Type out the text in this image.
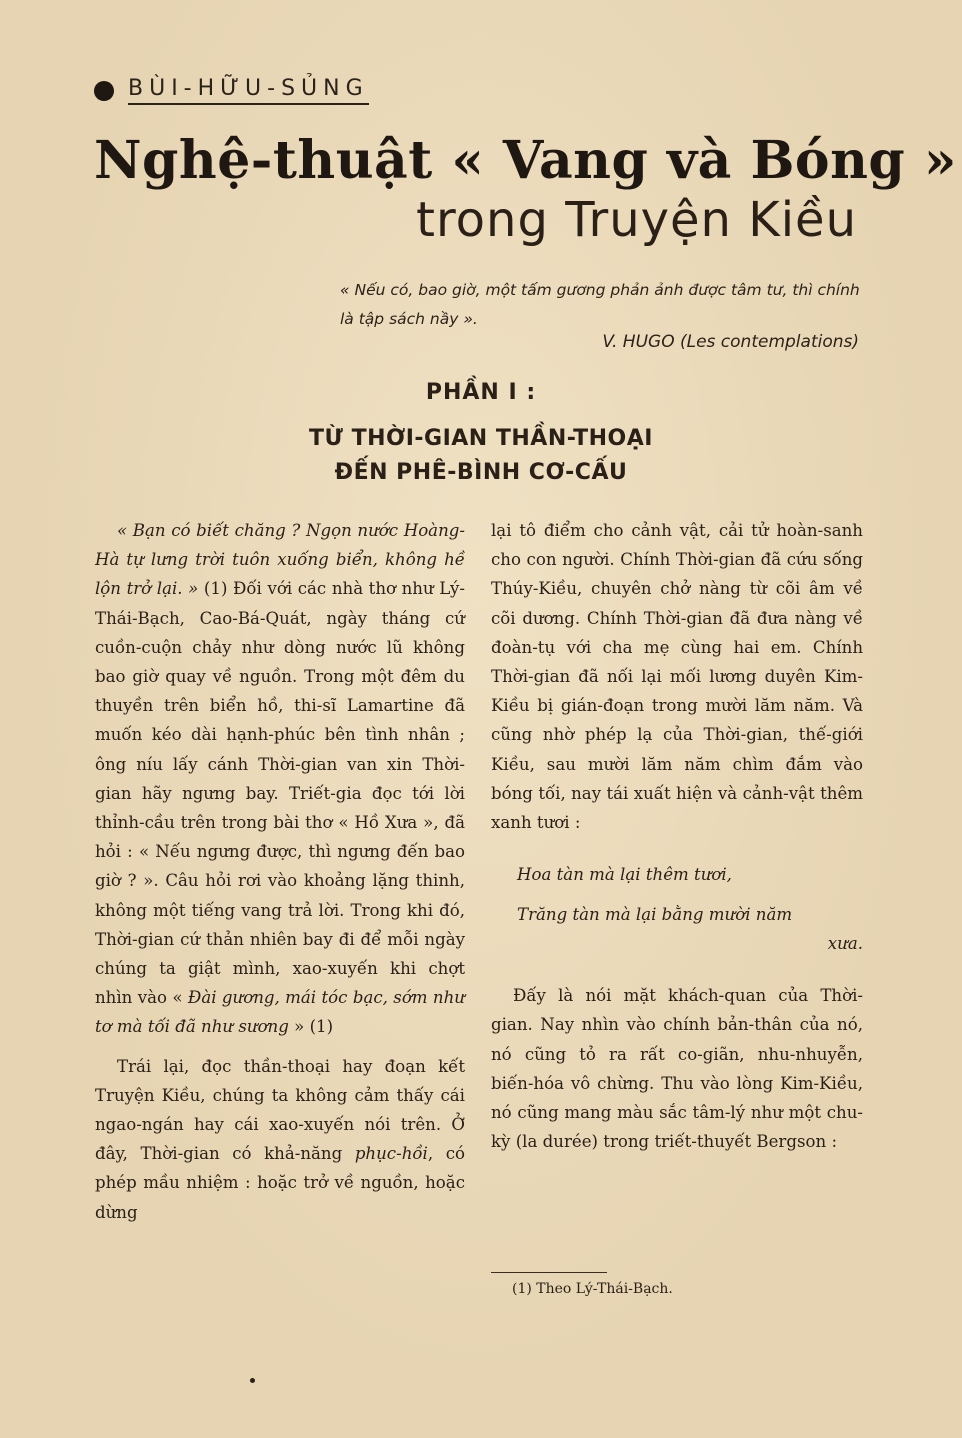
BÙI-HỮU-SỦNG
Nghệ-thuật « Vang và Bóng »
trong Truyện Kiều
« Nếu có, bao giờ, một tấm gương phản ảnh được tâm tư, thì chính là tập sách nầy ».
V. HUGO (Les contemplations)
PHẦN I :
TỪ THỜI-GIAN THẦN-THOẠI
ĐẾN PHÊ-BÌNH CƠ-CẤU

« Bạn có biết chăng ? Ngọn nước Hoàng-Hà tự lưng trời tuôn xuống biển, không hề lộn trở lại. » (1) Đối với các nhà thơ như Lý-Thái-Bạch, Cao-Bá-Quát, ngày tháng cứ cuồn-cuộn chảy như dòng nước lũ không bao giờ quay về nguồn. Trong một đêm du thuyền trên biển hồ, thi-sĩ Lamartine đã muốn kéo dài hạnh-phúc bên tình nhân ; ông níu lấy cánh Thời-gian van xin Thời-gian hãy ngưng bay. Triết-gia đọc tới lời thỉnh-cầu trên trong bài thơ « Hồ Xưa », đã hỏi : « Nếu ngưng được, thì ngưng đến bao giờ ? ». Câu hỏi rơi vào khoảng lặng thinh, không một tiếng vang trả lời. Trong khi đó, Thời-gian cứ thản nhiên bay đi để mỗi ngày chúng ta giật mình, xao-xuyến khi chợt nhìn vào « Đài gương, mái tóc bạc, sớm như tơ mà tối đã như sương » (1)

Trái lại, đọc thần-thoại hay đoạn kết Truyện Kiều, chúng ta không cảm thấy cái ngao-ngán hay cái xao-xuyến nói trên. Ở đây, Thời-gian có khả-năng phục-hồi, có phép mầu nhiệm : hoặc trở về nguồn, hoặc dừng

lại tô điểm cho cảnh vật, cải tử hoàn-sanh cho con người. Chính Thời-gian đã cứu sống Thúy-Kiều, chuyên chở nàng từ cõi âm về cõi dương. Chính Thời-gian đã đưa nàng về đoàn-tụ với cha mẹ cùng hai em. Chính Thời-gian đã nối lại mối lương duyên Kim-Kiều bị gián-đoạn trong mười lăm năm. Và cũng nhờ phép lạ của Thời-gian, thế-giới Kiều, sau mười lăm năm chìm đắm vào bóng tối, nay tái xuất hiện và cảnh-vật thêm xanh tươi :

Hoa tàn mà lại thêm tươi,
Trăng tàn mà lại bằng mười năm
xưa.

Đấy là nói mặt khách-quan của Thời-gian. Nay nhìn vào chính bản-thân của nó, nó cũng tỏ ra rất co-giãn, nhu-nhuyễn, biến-hóa vô chừng. Thu vào lòng Kim-Kiều, nó cũng mang màu sắc tâm-lý như một chu-kỳ (la durée) trong triết-thuyết Bergson :

(1) Theo Lý-Thái-Bạch.
